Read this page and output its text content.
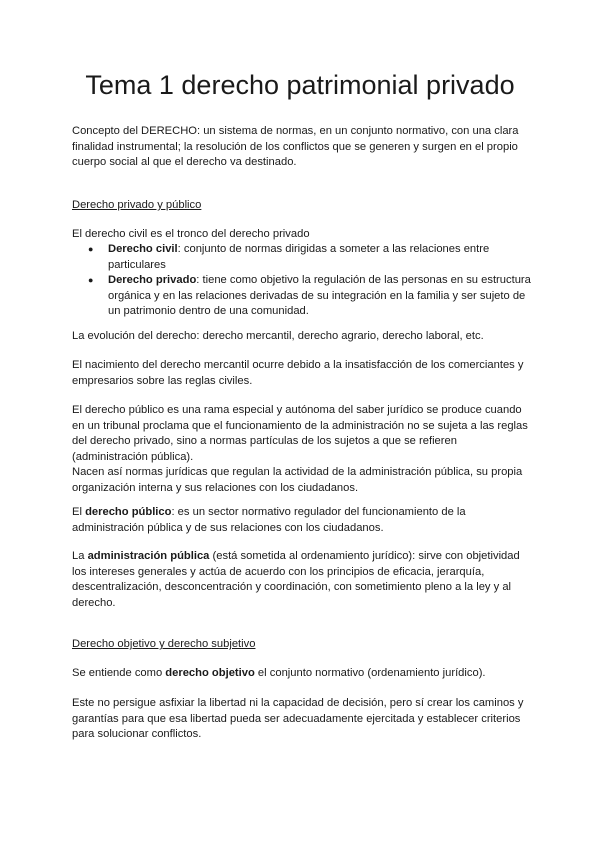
Tema 1 derecho patrimonial privado

Concepto del DERECHO: un sistema de normas, en un conjunto normativo, con una clara finalidad instrumental; la resolución de los conflictos que se generen y surgen en el propio cuerpo social al que el derecho va destinado.

Derecho privado y público

El derecho civil es el tronco del derecho privado

● Derecho civil: conjunto de normas dirigidas a someter a las relaciones entre particulares
● Derecho privado: tiene como objetivo la regulación de las personas en su estructura orgánica y en las relaciones derivadas de su integración en la familia y ser sujeto de un patrimonio dentro de una comunidad.

La evolución del derecho: derecho mercantil, derecho agrario, derecho laboral, etc.

El nacimiento del derecho mercantil ocurre debido a la insatisfacción de los comerciantes y empresarios sobre las reglas civiles.

El derecho público es una rama especial y autónoma del saber jurídico se produce cuando en un tribunal proclama que el funcionamiento de la administración no se sujeta a las reglas del derecho privado, sino a normas partículas de los sujetos a que se refieren (administración pública).
Nacen así normas jurídicas que regulan la actividad de la administración pública, su propia organización interna y sus relaciones con los ciudadanos.

El derecho público: es un sector normativo regulador del funcionamiento de la administración pública y de sus relaciones con los ciudadanos.

La administración pública (está sometida al ordenamiento jurídico): sirve con objetividad los intereses generales y actúa de acuerdo con los principios de eficacia, jerarquía, descentralización, desconcentración y coordinación, con sometimiento pleno a la ley y al derecho.

Derecho objetivo y derecho subjetivo

Se entiende como derecho objetivo el conjunto normativo (ordenamiento jurídico).

Este no persigue asfixiar la libertad ni la capacidad de decisión, pero sí crear los caminos y garantías para que esa libertad pueda ser adecuadamente ejercitada y establecer criterios para solucionar conflictos.
